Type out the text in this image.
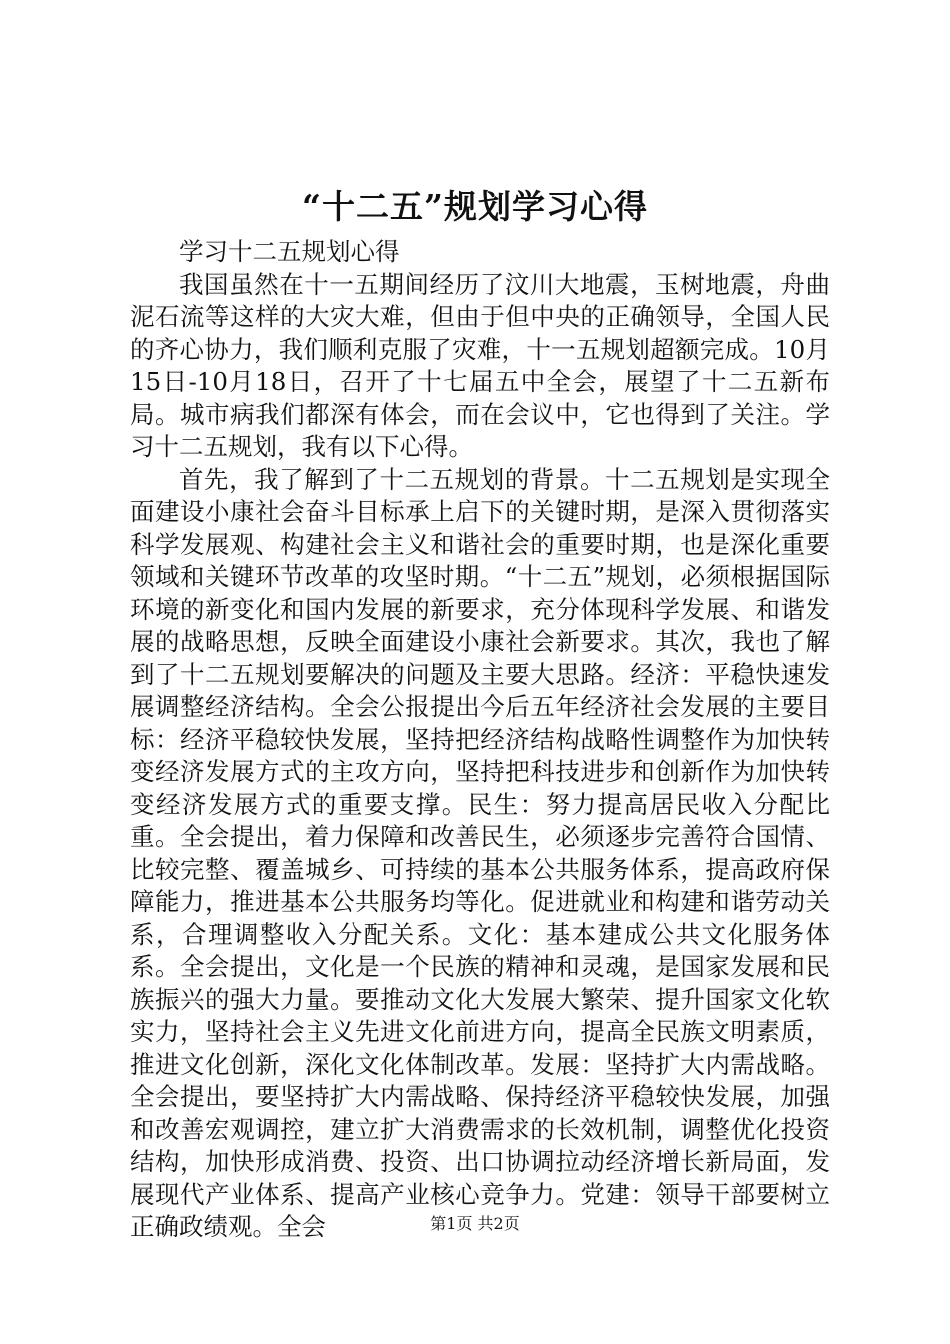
“十二五”规划学习心得

学习十二五规划心得

我国虽然在十一五期间经历了汶川大地震，玉树地震，舟曲泥石流等这样的大灾大难，但由于但中央的正确领导，全国人民的齐心协力，我们顺利克服了灾难，十一五规划超额完成。10月15日-10月18日，召开了十七届五中全会，展望了十二五新布局。城市病我们都深有体会，而在会议中，它也得到了关注。学习十二五规划，我有以下心得。

首先，我了解到了十二五规划的背景。十二五规划是实现全面建设小康社会奋斗目标承上启下的关键时期，是深入贯彻落实科学发展观、构建社会主义和谐社会的重要时期，也是深化重要领域和关键环节改革的攻坚时期。“十二五”规划，必须根据国际环境的新变化和国内发展的新要求，充分体现科学发展、和谐发展的战略思想，反映全面建设小康社会新要求。其次，我也了解到了十二五规划要解决的问题及主要大思路。经济：平稳快速发展调整经济结构。全会公报提出今后五年经济社会发展的主要目标：经济平稳较快发展，坚持把经济结构战略性调整作为加快转变经济发展方式的主攻方向，坚持把科技进步和创新作为加快转变经济发展方式的重要支撑。民生：努力提高居民收入分配比重。全会提出，着力保障和改善民生，必须逐步完善符合国情、比较完整、覆盖城乡、可持续的基本公共服务体系，提高政府保障能力，推进基本公共服务均等化。促进就业和构建和谐劳动关系，合理调整收入分配关系。文化：基本建成公共文化服务体系。全会提出，文化是一个民族的精神和灵魂，是国家发展和民族振兴的强大力量。要推动文化大发展大繁荣、提升国家文化软实力，坚持社会主义先进文化前进方向，提高全民族文明素质，推进文化创新，深化文化体制改革。发展：坚持扩大内需战略。全会提出，要坚持扩大内需战略、保持经济平稳较快发展，加强和改善宏观调控，建立扩大消费需求的长效机制，调整优化投资结构，加快形成消费、投资、出口协调拉动经济增长新局面，发展现代产业体系、提高产业核心竞争力。党建：领导干部要树立正确政绩观。全会	第1页 共2页
